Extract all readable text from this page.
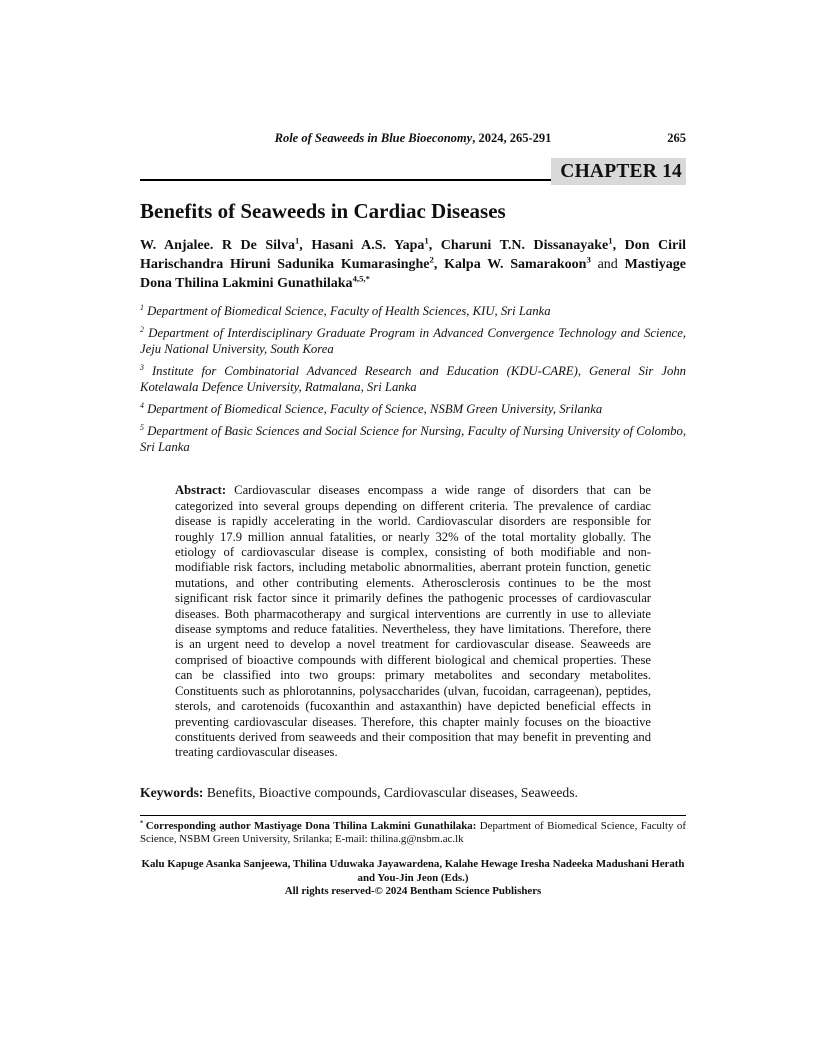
Role of Seaweeds in Blue Bioeconomy, 2024, 265-291	265
CHAPTER 14
Benefits of Seaweeds in Cardiac Diseases

W. Anjalee. R De Silva$^1$, Hasani A.S. Yapa$^1$, Charuni T.N. Dissanayake$^1$, Don Ciril Harischandra Hiruni Sadunika Kumarasinghe$^2$, Kalpa W. Samarakoon$^3$ and Mastiyage Dona Thilina Lakmini Gunathilaka$^{4,5,*}$

$^1$ Department of Biomedical Science, Faculty of Health Sciences, KIU, Sri Lanka

$^2$ Department of Interdisciplinary Graduate Program in Advanced Convergence Technology and Science, Jeju National University, South Korea

$^3$ Institute for Combinatorial Advanced Research and Education (KDU-CARE), General Sir John Kotelawala Defence University, Ratmalana, Sri Lanka

$^4$ Department of Biomedical Science, Faculty of Science, NSBM Green University, Srilanka

$^5$ Department of Basic Sciences and Social Science for Nursing, Faculty of Nursing University of Colombo, Sri Lanka

Abstract: Cardiovascular diseases encompass a wide range of disorders that can be categorized into several groups depending on different criteria. The prevalence of cardiac disease is rapidly accelerating in the world. Cardiovascular disorders are responsible for roughly 17.9 million annual fatalities, or nearly 32% of the total mortality globally. The etiology of cardiovascular disease is complex, consisting of both modifiable and non-modifiable risk factors, including metabolic abnormalities, aberrant protein function, genetic mutations, and other contributing elements. Atherosclerosis continues to be the most significant risk factor since it primarily defines the pathogenic processes of cardiovascular diseases. Both pharmacotherapy and surgical interventions are currently in use to alleviate disease symptoms and reduce fatalities. Nevertheless, they have limitations. Therefore, there is an urgent need to develop a novel treatment for cardiovascular disease. Seaweeds are comprised of bioactive compounds with different biological and chemical properties. These can be classified into two groups: primary metabolites and secondary metabolites. Constituents such as phlorotannins, polysaccharides (ulvan, fucoidan, carrageenan), peptides, sterols, and carotenoids (fucoxanthin and astaxanthin) have depicted beneficial effects in preventing cardiovascular diseases. Therefore, this chapter mainly focuses on the bioactive constituents derived from seaweeds and their composition that may benefit in preventing and treating cardiovascular diseases.

Keywords: Benefits, Bioactive compounds, Cardiovascular diseases, Seaweeds.

* Corresponding author Mastiyage Dona Thilina Lakmini Gunathilaka: Department of Biomedical Science, Faculty of Science, NSBM Green University, Srilanka; E-mail: thilina.g@nsbm.ac.lk

Kalu Kapuge Asanka Sanjeewa, Thilina Uduwaka Jayawardena, Kalahe Hewage Iresha Nadeeka Madushani Herath and You-Jin Jeon (Eds.)

All rights reserved-© 2024 Bentham Science Publishers
